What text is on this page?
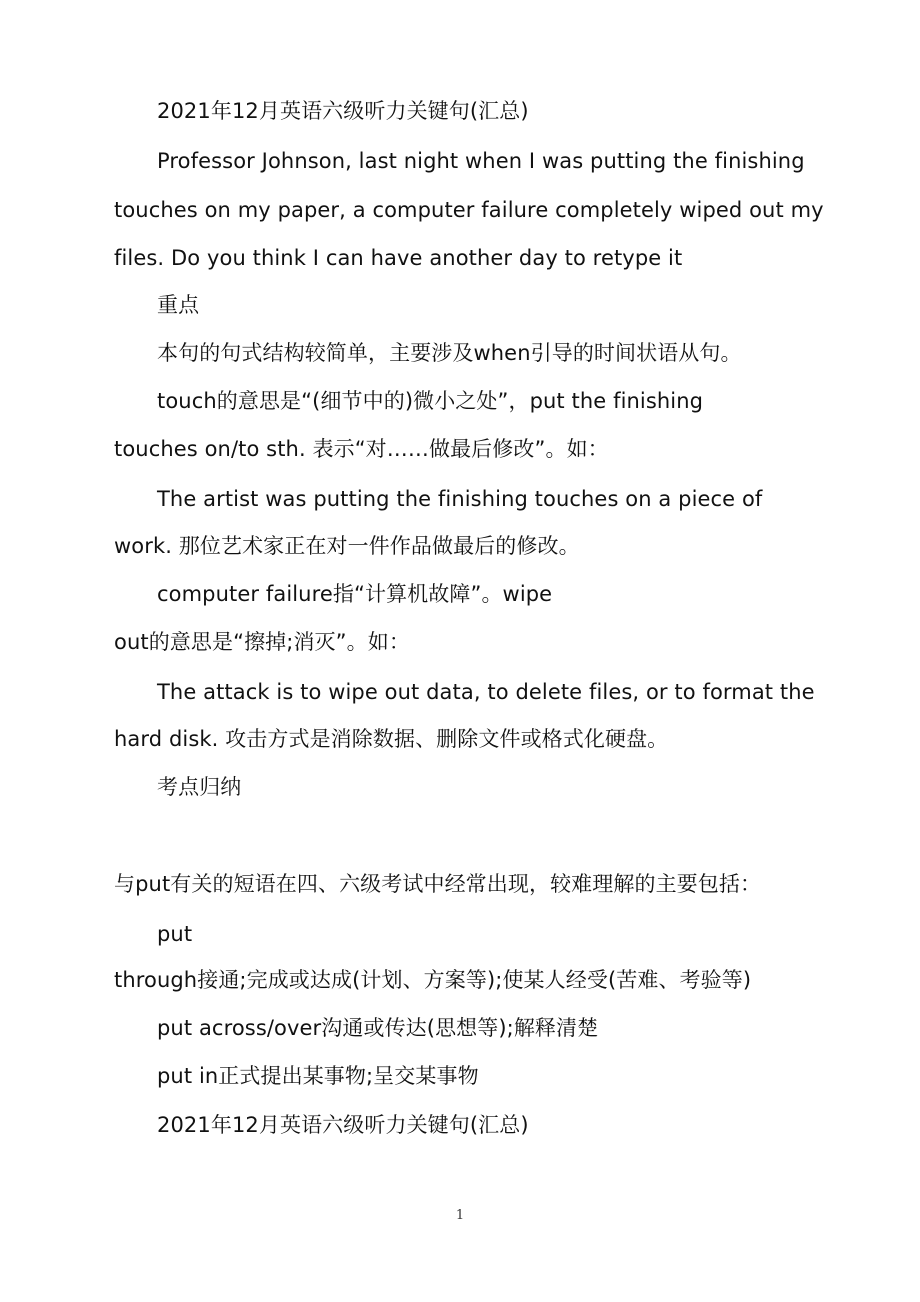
2021年12月英语六级听力关键句(汇总)
Professor Johnson, last night when I was putting the finishing
touches on my paper, a computer failure completely wiped out my
files. Do you think I can have another day to retype it
重点
本句的句式结构较简单，主要涉及when引导的时间状语从句。
touch的意思是“(细节中的)微小之处”，put the finishing
touches on/to sth. 表示“对……做最后修改”。如：
The artist was putting the finishing touches on a piece of
work. 那位艺术家正在对一件作品做最后的修改。
computer failure指“计算机故障”。wipe
out的意思是“擦掉;消灭”。如：
The attack is to wipe out data, to delete files, or to format the
hard disk. 攻击方式是消除数据、删除文件或格式化硬盘。
考点归纳
与put有关的短语在四、六级考试中经常出现，较难理解的主要包括：
put
through接通;完成或达成(计划、方案等);使某人经受(苦难、考验等)
put across/over沟通或传达(思想等);解释清楚
put in正式提出某事物;呈交某事物
2021年12月英语六级听力关键句(汇总)
1
